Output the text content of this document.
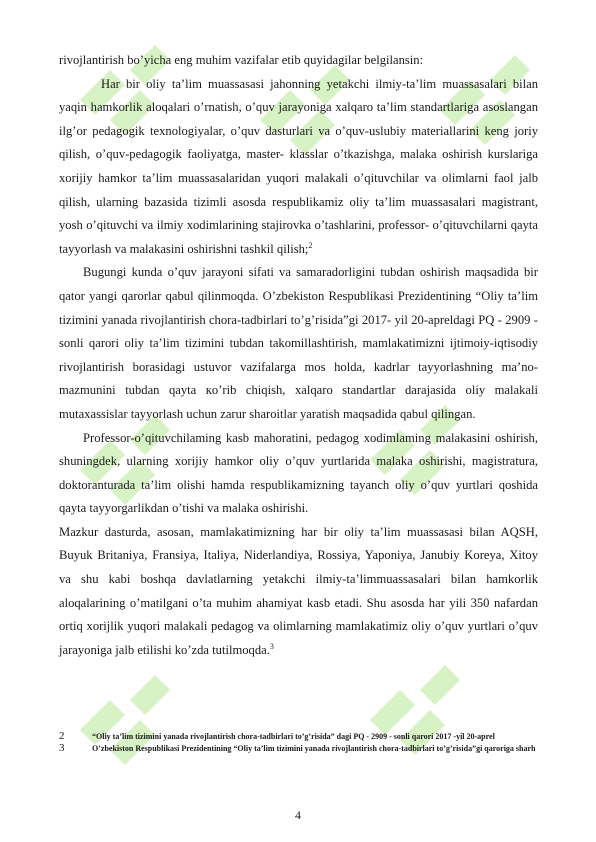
rivojlantirish bo’yicha eng muhim vazifalar etib quyidagilar belgilansin:

Har bir oliy ta’lim muassasasi jahonning yetakchi ilmiy-ta’lim muassasalari bilan yaqin hamkorlik aloqalari o’rnatish, o’quv jarayoniga xalqaro ta’lim standartlariga asoslangan ilg’or pedagogik texnologiyalar, o’quv dasturlari va o’quv-uslubiy materiallarini keng joriy qilish, o’quv-pedagogik faoliyatga, master- klasslar o’tkazishga, malaka oshirish kurslariga xorijiy hamkor ta’lim muassasalaridan yuqori malakali o’qituvchilar va olimlarni faol jalb qilish, ularning bazasida tizimli asosda respublikamiz oliy ta’lim muassasalari magistrant, yosh o’qituvchi va ilmiy xodimlarining stajirovka o’tashlarini, professor- o’qituvchilarni qayta tayyorlash va malakasini oshirishni tashkil qilish;$^2$

Bugungi kunda o’quv jarayoni sifati va samaradorligini tubdan oshirish maqsadida bir qator yangi qarorlar qabul qilinmoqda. O’zbekiston Respublikasi Prezidentining “Oliy ta’lim tizimini yanada rivojlantirish chora-tadbirlari to’g’risida”gi 2017- yil 20-apreldagi PQ - 2909 - sonli qarori oliy ta’lim tizimini tubdan takomillashtirish, mamlakatimizni ijtimoiy-iqtisodiy rivojlantirish borasidagi ustuvor vazifalarga mos holda, kadrlar tayyorlashning ma’no- mazmunini tubdan qayta кo’rib chiqish, xalqaro standartlar darajasida oliy malakali mutaxassislar tayyorlash uchun zarur sharoitlar yaratish maqsadida qabul qilingan.

Professor-o’qituvchilaming kasb mahoratini, pedagog xodimlaming malakasini oshirish, shuningdek, ularning xorijiy hamkor oliy o’quv yurtlarida malaka oshirishi, magistratura, doktoranturada ta’lim olishi hamda respublikamizning tayanch oliy o’quv yurtlari qoshida qayta tayyorgarlikdan o’tishi va malaka oshirishi.

Mazkur dasturda, asosan, mamlakatimizning har bir oliy ta’lim muassasasi bilan AQSH, Buyuk Britaniya, Fransiya, Italiya, Niderlandiya, Rossiya, Yaponiya, Janubiy Koreya, Xitoy va shu kabi boshqa davlatlarning yetakchi ilmiy-ta’limmuassasalari bilan hamkorlik aloqalarining o’matilgani o’ta muhim ahamiyat kasb etadi. Shu asosda har yili 350 nafardan ortiq xorijlik yuqori malakali pedagog va olimlarning mamlakatimiz oliy o’quv yurtlari o’quv jarayoniga jalb etilishi ko’zda tutilmoqda.$^3$

2	“Oliy ta’lim tizimini yanada rivojlantirish chora-tadbirlari to’g’risida” dagi PQ - 2909 - sonli qarori 2017 -yil 20-aprel

3	O’zbekiston Respublikasi Prezidentining “Oliy ta’lim tizimini yanada rivojlantirish chora-tadbirlari to’g’risida”gi qaroriga sharh

4
